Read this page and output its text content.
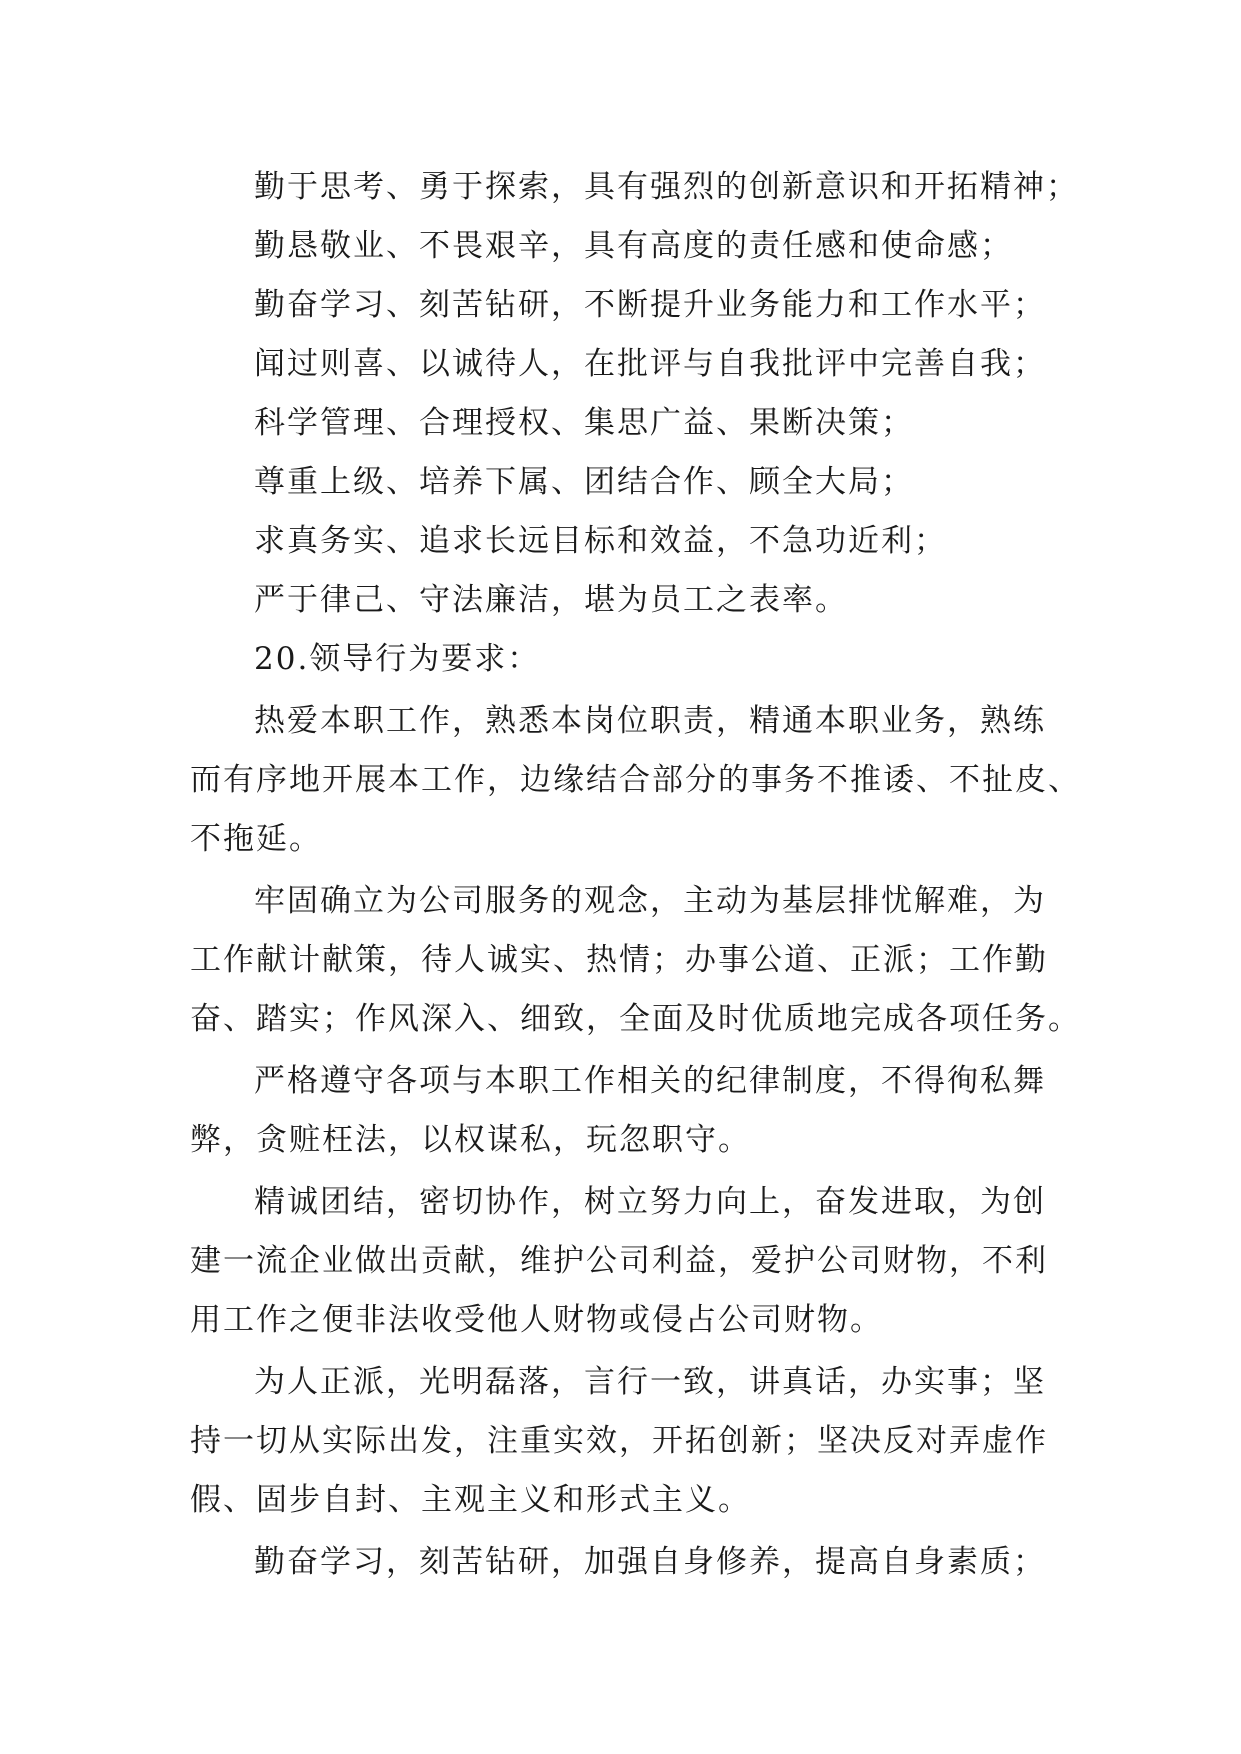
勤于思考、勇于探索，具有强烈的创新意识和开拓精神；
勤恳敬业、不畏艰辛，具有高度的责任感和使命感；
勤奋学习、刻苦钻研，不断提升业务能力和工作水平；
闻过则喜、以诚待人，在批评与自我批评中完善自我；
科学管理、合理授权、集思广益、果断决策；
尊重上级、培养下属、团结合作、顾全大局；
求真务实、追求长远目标和效益，不急功近利；
严于律己、守法廉洁，堪为员工之表率。
20.领导行为要求：
热爱本职工作，熟悉本岗位职责，精通本职业务，熟练
而有序地开展本工作，边缘结合部分的事务不推诿、不扯皮、
不拖延。
牢固确立为公司服务的观念，主动为基层排忧解难，为
工作献计献策，待人诚实、热情；办事公道、正派；工作勤
奋、踏实；作风深入、细致，全面及时优质地完成各项任务。
严格遵守各项与本职工作相关的纪律制度，不得徇私舞
弊，贪赃枉法，以权谋私，玩忽职守。
精诚团结，密切协作，树立努力向上，奋发进取，为创
建一流企业做出贡献，维护公司利益，爱护公司财物，不利
用工作之便非法收受他人财物或侵占公司财物。
为人正派，光明磊落，言行一致，讲真话，办实事；坚
持一切从实际出发，注重实效，开拓创新；坚决反对弄虚作
假、固步自封、主观主义和形式主义。
勤奋学习，刻苦钻研，加强自身修养，提高自身素质；
